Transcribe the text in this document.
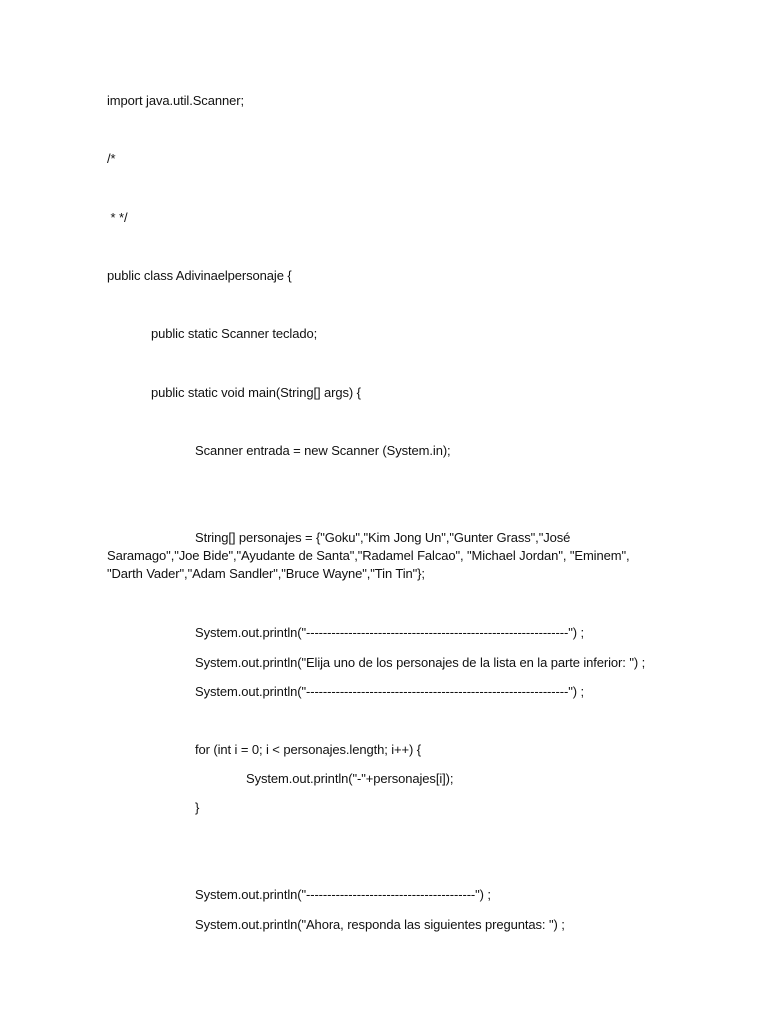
import java.util.Scanner;
/*
* */
public class Adivinaelpersonaje {
public static Scanner teclado;
public static void main(String[] args) {
Scanner entrada = new Scanner (System.in);
String[] personajes = {"Goku","Kim Jong Un","Gunter Grass","José Saramago","Joe Bide","Ayudante de Santa","Radamel Falcao", "Michael Jordan", "Eminem", "Darth Vader","Adam Sandler","Bruce Wayne","Tin Tin"};
System.out.println("--------------------------------------------------------------") ;
System.out.println("Elija uno de los personajes de la lista en la parte inferior: ") ;
System.out.println("--------------------------------------------------------------") ;
for (int i = 0; i < personajes.length; i++) {
System.out.println("-"+personajes[i]);
}
System.out.println("----------------------------------------") ;
System.out.println("Ahora, responda las siguientes preguntas: ") ;
